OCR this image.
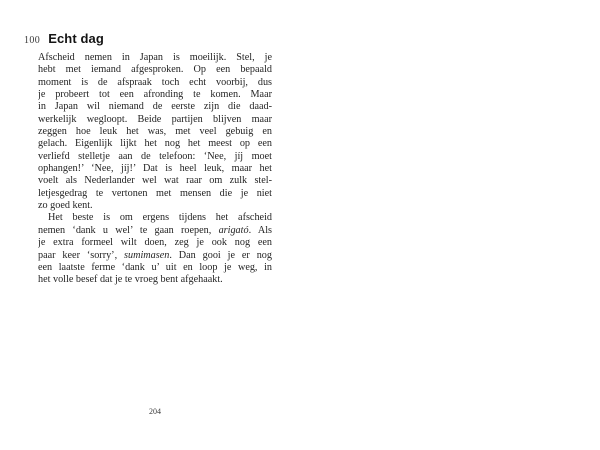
100 Echt dag
Afscheid nemen in Japan is moeilijk. Stel, je
hebt met iemand afgesproken. Op een bepaald
moment is de afspraak toch echt voorbij, dus
je probeert tot een afronding te komen. Maar
in Japan wil niemand de eerste zijn die daad-
werkelijk wegloopt. Beide partijen blijven maar
zeggen hoe leuk het was, met veel gebuig en
gelach. Eigenlijk lijkt het nog het meest op een
verliefd stelletje aan de telefoon: ‘Nee, jíj moet
ophangen!’ ‘Nee, jíj!’ Dat is heel leuk, maar het
voelt als Nederlander wel wat raar om zulk stel-
letjesgedrag te vertonen met mensen die je niet
zo goed kent.
Het beste is om ergens tijdens het afscheid
nemen ‘dank u wel’ te gaan roepen, arigató. Als
je extra formeel wilt doen, zeg je ook nog een
paar keer ‘sorry’, sumimasen. Dan gooi je er nog
een laatste ferme ‘dank u’ uit en loop je weg, in
het volle besef dat je te vroeg bent afgehaakt.
204
